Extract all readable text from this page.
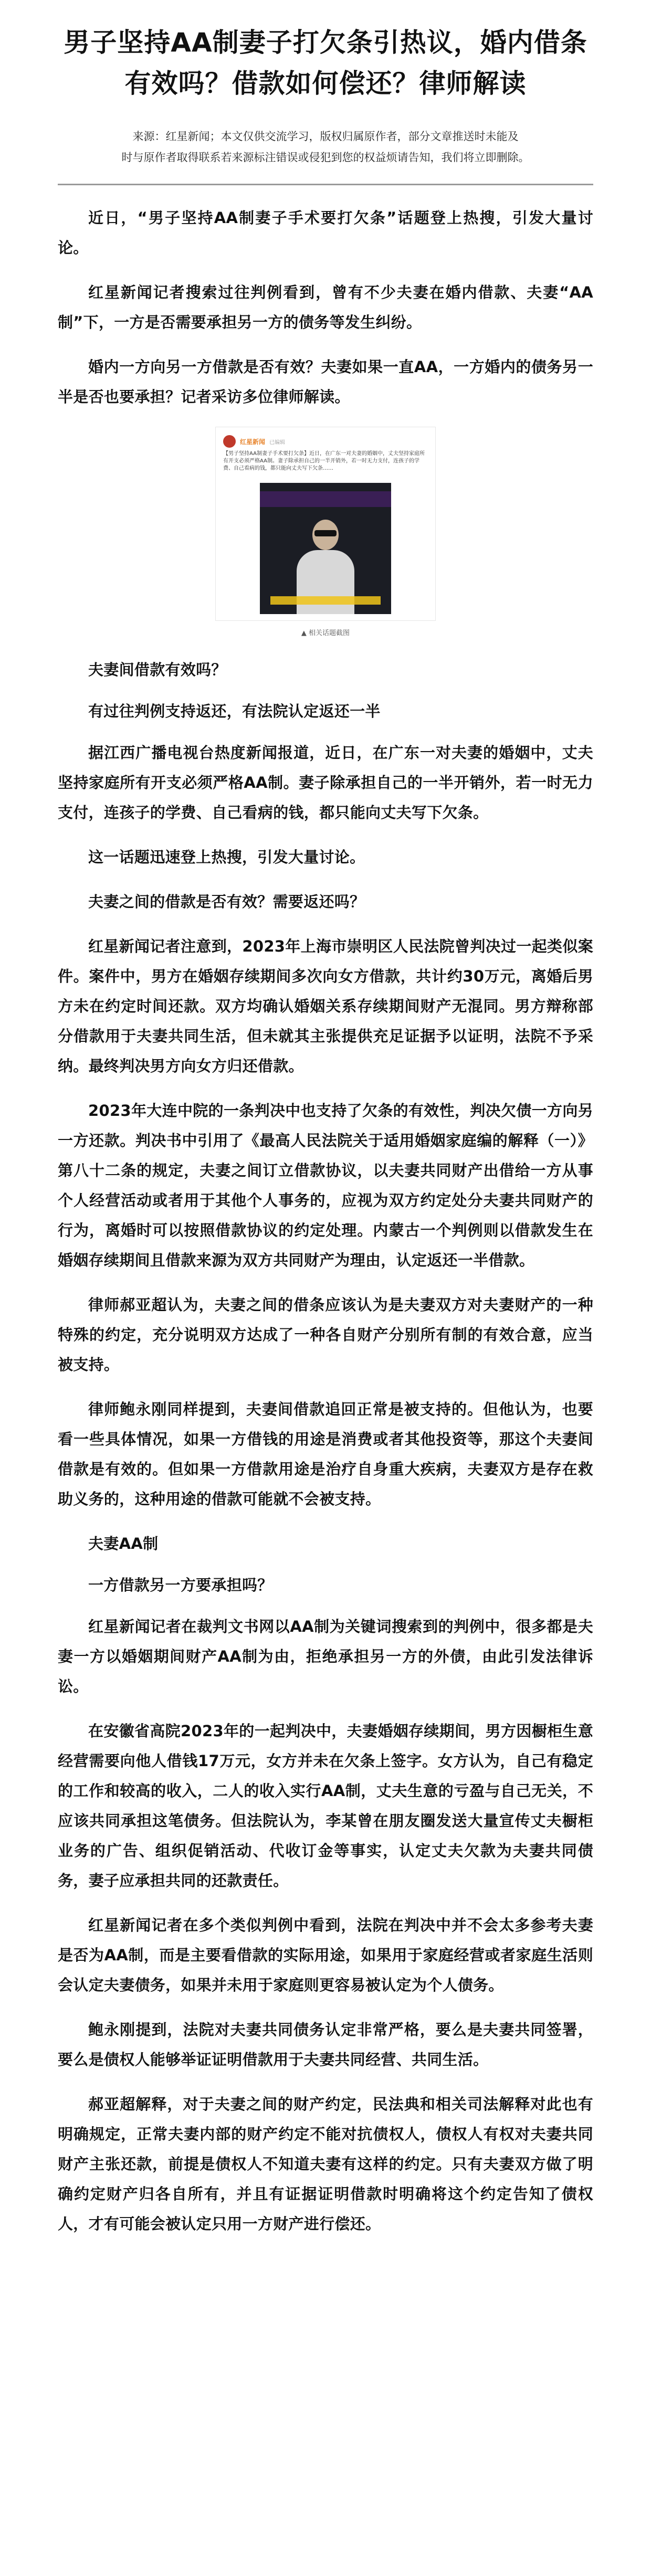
男子坚持AA制妻子打欠条引热议，婚内借条有效吗？借款如何偿还？律师解读
来源：红星新闻；本文仅供交流学习，版权归属原作者，部分文章推送时未能及
时与原作者取得联系若来源标注错误或侵犯到您的权益烦请告知，我们将立即删除。

近日，“男子坚持AA制妻子手术要打欠条”话题登上热搜，引发大量讨论。

红星新闻记者搜索过往判例看到，曾有不少夫妻在婚内借款、夫妻“AA制”下，一方是否需要承担另一方的债务等发生纠纷。

婚内一方向另一方借款是否有效？夫妻如果一直AA，一方婚内的债务另一半是否也要承担？记者采访多位律师解读。

红星新闻 已编辑
【男子坚持AA制妻子手术要打欠条】近日，在广东一对夫妻的婚姻中，丈夫坚持家庭所有开支必须严格AA制。妻子除承担自己的一半开销外，若一时无力支付，连孩子的学费、自己看病的钱，都只能向丈夫写下欠条……
▲ 相关话题截图

夫妻间借款有效吗？

有过往判例支持返还，有法院认定返还一半

据江西广播电视台热度新闻报道，近日，在广东一对夫妻的婚姻中，丈夫坚持家庭所有开支必须严格AA制。妻子除承担自己的一半开销外，若一时无力支付，连孩子的学费、自己看病的钱，都只能向丈夫写下欠条。

这一话题迅速登上热搜，引发大量讨论。

夫妻之间的借款是否有效？需要返还吗？

红星新闻记者注意到，2023年上海市崇明区人民法院曾判决过一起类似案件。案件中，男方在婚姻存续期间多次向女方借款，共计约30万元，离婚后男方未在约定时间还款。双方均确认婚姻关系存续期间财产无混同。男方辩称部分借款用于夫妻共同生活，但未就其主张提供充足证据予以证明，法院不予采纳。最终判决男方向女方归还借款。

2023年大连中院的一条判决中也支持了欠条的有效性，判决欠债一方向另一方还款。判决书中引用了《最高人民法院关于适用婚姻家庭编的解释（一）》第八十二条的规定，夫妻之间订立借款协议，以夫妻共同财产出借给一方从事个人经营活动或者用于其他个人事务的，应视为双方约定处分夫妻共同财产的行为，离婚时可以按照借款协议的约定处理。内蒙古一个判例则以借款发生在婚姻存续期间且借款来源为双方共同财产为理由，认定返还一半借款。

律师郝亚超认为，夫妻之间的借条应该认为是夫妻双方对夫妻财产的一种特殊的约定，充分说明双方达成了一种各自财产分别所有制的有效合意，应当被支持。

律师鲍永刚同样提到，夫妻间借款追回正常是被支持的。但他认为，也要看一些具体情况，如果一方借钱的用途是消费或者其他投资等，那这个夫妻间借款是有效的。但如果一方借款用途是治疗自身重大疾病，夫妻双方是存在救助义务的，这种用途的借款可能就不会被支持。

夫妻AA制

一方借款另一方要承担吗？

红星新闻记者在裁判文书网以AA制为关键词搜索到的判例中，很多都是夫妻一方以婚姻期间财产AA制为由，拒绝承担另一方的外债，由此引发法律诉讼。

在安徽省高院2023年的一起判决中，夫妻婚姻存续期间，男方因橱柜生意经营需要向他人借钱17万元，女方并未在欠条上签字。女方认为，自己有稳定的工作和较高的收入，二人的收入实行AA制，丈夫生意的亏盈与自己无关，不应该共同承担这笔债务。但法院认为，李某曾在朋友圈发送大量宣传丈夫橱柜业务的广告、组织促销活动、代收订金等事实，认定丈夫欠款为夫妻共同债务，妻子应承担共同的还款责任。

红星新闻记者在多个类似判例中看到，法院在判决中并不会太多参考夫妻是否为AA制，而是主要看借款的实际用途，如果用于家庭经营或者家庭生活则会认定夫妻债务，如果并未用于家庭则更容易被认定为个人债务。

鲍永刚提到，法院对夫妻共同债务认定非常严格，要么是夫妻共同签署，要么是债权人能够举证证明借款用于夫妻共同经营、共同生活。

郝亚超解释，对于夫妻之间的财产约定，民法典和相关司法解释对此也有明确规定，正常夫妻内部的财产约定不能对抗债权人，债权人有权对夫妻共同财产主张还款，前提是债权人不知道夫妻有这样的约定。只有夫妻双方做了明确约定财产归各自所有，并且有证据证明借款时明确将这个约定告知了债权人，才有可能会被认定只用一方财产进行偿还。
